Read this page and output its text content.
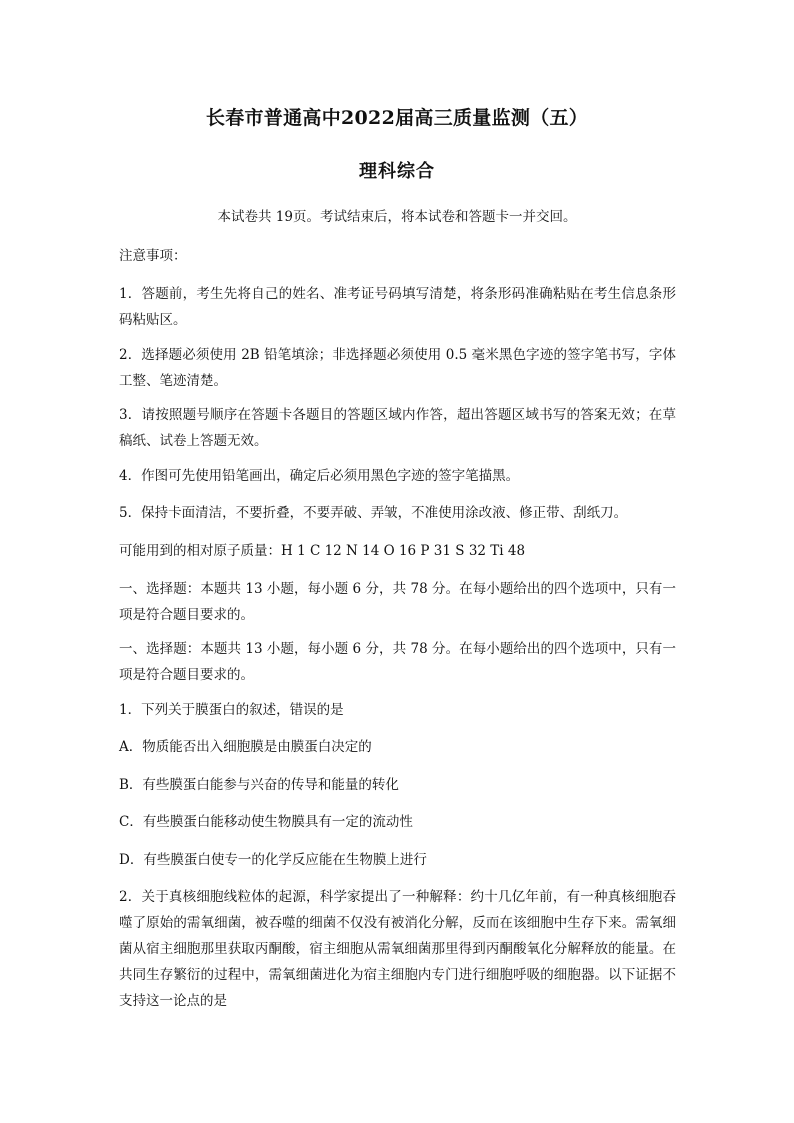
长春市普通高中2022届高三质量监测（五）
理科综合
本试卷共 19页。考试结束后，将本试卷和答题卡一并交回。
注意事项：
1．答题前，考生先将自己的姓名、准考证号码填写清楚，将条形码准确粘贴在考生信息条形码粘贴区。
2．选择题必须使用 2B 铅笔填涂；非选择题必须使用 0.5 毫米黑色字迹的签字笔书写，字体工整、笔迹清楚。
3．请按照题号顺序在答题卡各题目的答题区域内作答，超出答题区域书写的答案无效；在草稿纸、试卷上答题无效。
4．作图可先使用铅笔画出，确定后必须用黑色字迹的签字笔描黑。
5．保持卡面清洁，不要折叠，不要弄破、弄皱，不准使用涂改液、修正带、刮纸刀。
可能用到的相对原子质量：H 1 C 12 N 14 O 16 P 31 S 32 Ti 48
一、选择题：本题共 13 小题，每小题 6 分，共 78 分。在每小题给出的四个选项中，只有一项是符合题目要求的。
一、选择题：本题共 13 小题，每小题 6 分，共 78 分。在每小题给出的四个选项中，只有一项是符合题目要求的。
1．下列关于膜蛋白的叙述，错误的是
A．物质能否出入细胞膜是由膜蛋白决定的
B．有些膜蛋白能参与兴奋的传导和能量的转化
C．有些膜蛋白能移动使生物膜具有一定的流动性
D．有些膜蛋白使专一的化学反应能在生物膜上进行
2．关于真核细胞线粒体的起源，科学家提出了一种解释：约十几亿年前，有一种真核细胞吞噬了原始的需氧细菌，被吞噬的细菌不仅没有被消化分解，反而在该细胞中生存下来。需氧细菌从宿主细胞那里获取丙酮酸，宿主细胞从需氧细菌那里得到丙酮酸氧化分解释放的能量。在共同生存繁衍的过程中，需氧细菌进化为宿主细胞内专门进行细胞呼吸的细胞器。以下证据不支持这一论点的是
